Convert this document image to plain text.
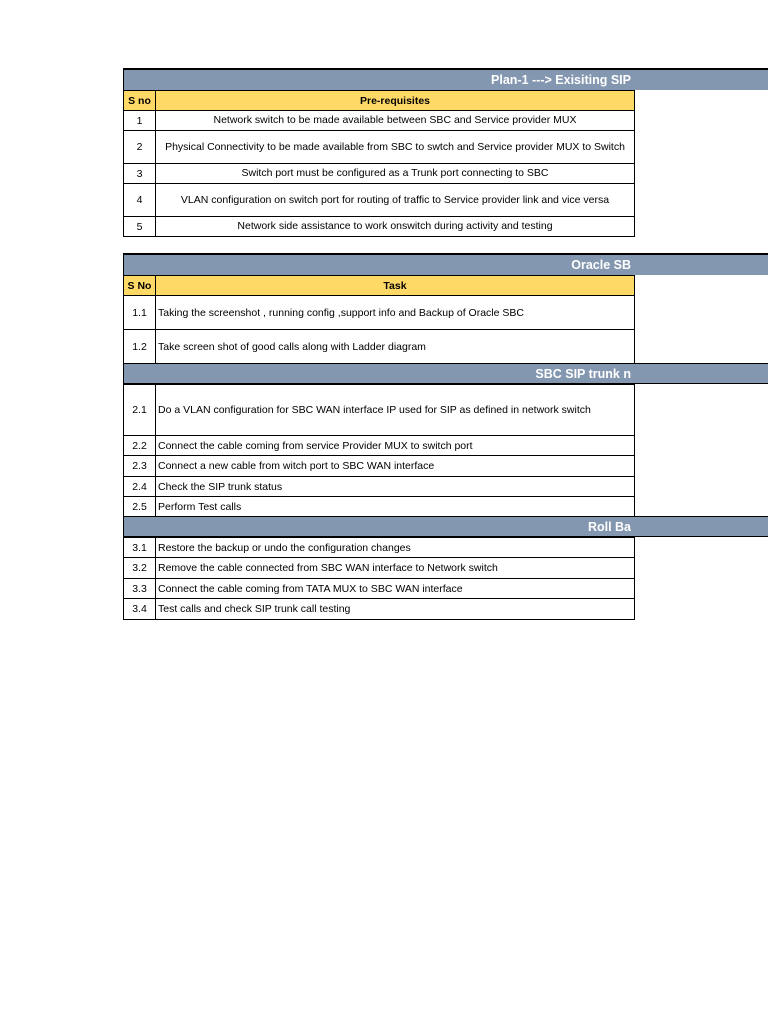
Plan-1 ---> Exisiting SIP
S no	Pre-requisites
1	Network switch to be made available between SBC and Service provider MUX
2	Physical Connectivity to be made available from SBC to swtch and Service provider MUX to Switch
3	Switch port must be configured as a Trunk port connecting to SBC
4	VLAN configuration on switch port for routing of traffic to Service provider link and vice versa
5	Network side assistance to work onswitch during activity and testing
Oracle SB
S No	Task
1.1	Taking the screenshot , running config ,support info and Backup of Oracle SBC
1.2	Take screen shot of good calls along with Ladder diagram
SBC SIP trunk n
2.1	Do a VLAN configuration for SBC WAN interface IP used for SIP as defined in network switch
2.2	Connect the cable coming from service Provider MUX to switch port
2.3	Connect a new cable from witch port to SBC WAN interface
2.4	Check the SIP trunk status
2.5	Perform Test calls
Roll Ba
3.1	Restore the backup or undo the configuration changes
3.2	Remove the cable connected from SBC WAN interface to Network switch
3.3	Connect the cable coming from TATA MUX to SBC WAN interface
3.4	Test calls and check SIP trunk call testing
